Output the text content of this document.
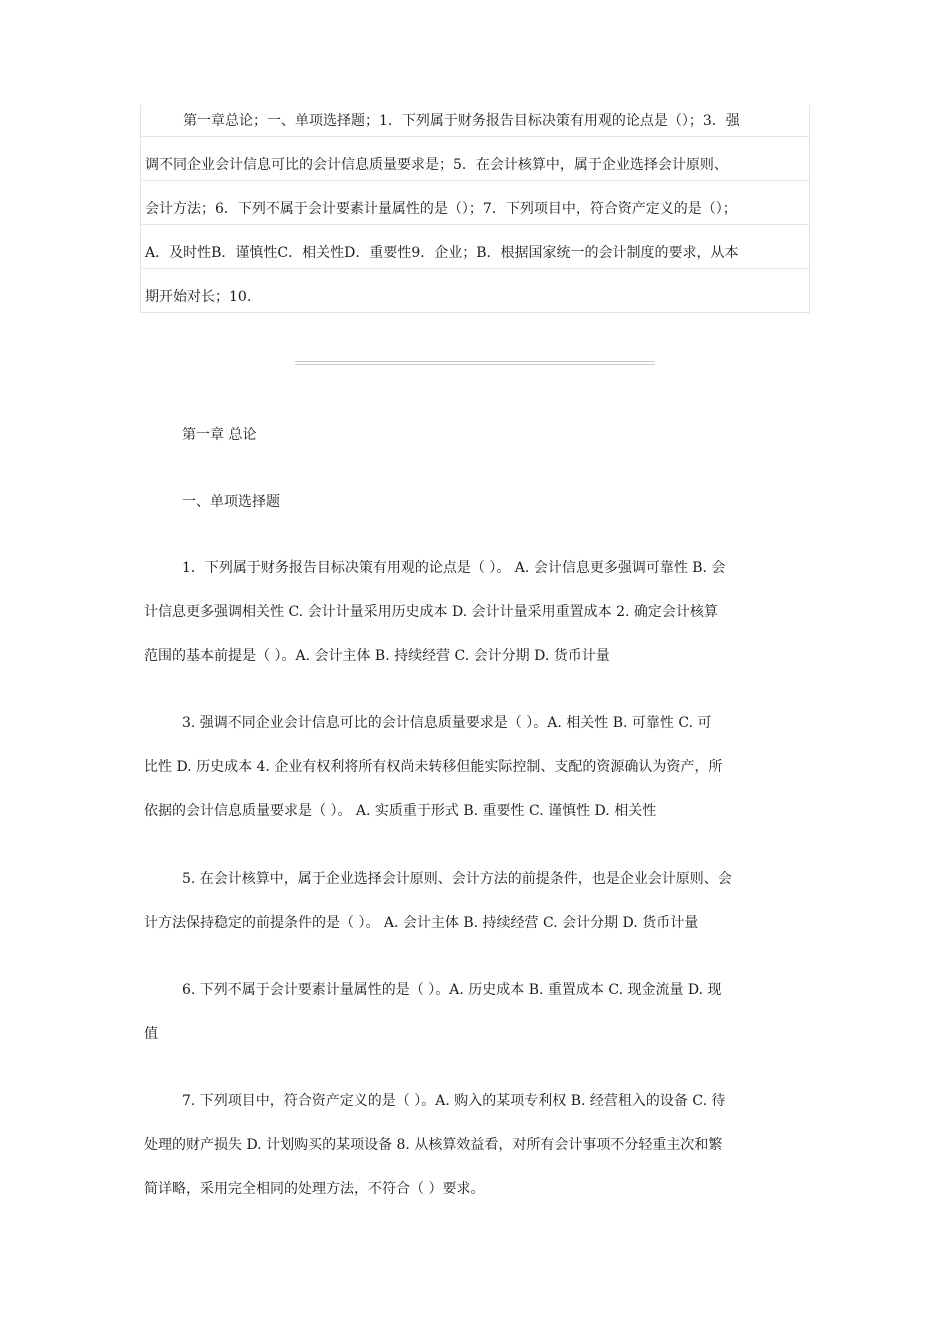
第一章总论；一、单项选择题；1．下列属于财务报告目标决策有用观的论点是（）；3．强
调不同企业会计信息可比的会计信息质量要求是；5．在会计核算中，属于企业选择会计原则、
会计方法；6．下列不属于会计要素计量属性的是（）；7．下列项目中，符合资产定义的是（）；
A．及时性B．谨慎性C．相关性D．重要性9．企业；B．根据国家统一的会计制度的要求，从本
期开始对长；10.
第一章 总论
一、单项选择题
1．下列属于财务报告目标决策有用观的论点是（ ）。 A. 会计信息更多强调可靠性 B. 会
计信息更多强调相关性 C. 会计计量采用历史成本 D. 会计计量采用重置成本 2. 确定会计核算
范围的基本前提是（ ）。A. 会计主体 B. 持续经营 C. 会计分期 D. 货币计量
3. 强调不同企业会计信息可比的会计信息质量要求是（ ）。A. 相关性 B. 可靠性 C. 可
比性 D. 历史成本 4. 企业有权利将所有权尚未转移但能实际控制、支配的资源确认为资产，所
依据的会计信息质量要求是（ ）。 A. 实质重于形式 B. 重要性 C. 谨慎性 D. 相关性
5. 在会计核算中，属于企业选择会计原则、会计方法的前提条件，也是企业会计原则、会
计方法保持稳定的前提条件的是（ ）。 A. 会计主体 B. 持续经营 C. 会计分期 D. 货币计量
6. 下列不属于会计要素计量属性的是（ ）。A. 历史成本 B. 重置成本 C. 现金流量 D. 现
值
7. 下列项目中，符合资产定义的是（ ）。A. 购入的某项专利权 B. 经营租入的设备 C. 待
处理的财产损失 D. 计划购买的某项设备 8. 从核算效益看，对所有会计事项不分轻重主次和繁
简详略，采用完全相同的处理方法，不符合（ ）要求。
